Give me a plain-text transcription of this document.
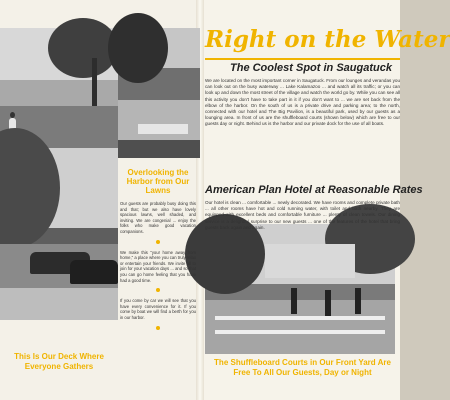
Overlooking the Harbor from Our Lawns

Our guests are probably busy doing this and that; but we also have lovely spacious lawns, well shaded, and inviting. We are congenial ... enjoy the folks who make good vacation companions.

We make this "your home away from home," a place where you can truly relax or entertain your friends. We invite all to join for your vacation days ... and so that you can go home feeling that you have had a good time.

If you come by car we will see that you have every convenience for it. If you come by boat we will find a berth for you in our harbor.

This Is Our Deck Where Everyone Gathers
Right on the Water
The Coolest Spot in Saugatuck
We are located on the most important corner in Saugatuck. From our lounges and verandas you can look out on the busy waterway ... Lake Kalamazoo ... and watch all its traffic; or you can look up and down the most street of the village and watch the world go by. While you can see all this activity you don't have to take part in it if you don't want to ... we are set back from the elbow of the harbor. On the south of us is a private drive and parking area; to the north, connected with our hotel and The Big Pavilion, is a beautiful park, used by our guests as a lounging area. In front of us are the shuffleboard courts (shown below) which are free to our guests day or night. Behind us is the harbor and our private dock for the use of all boats.
American Plan Hotel at Reasonable Rates
Our hotel is clean ... comfortable ... newly decorated. We have rooms and complete private bath ... all other rooms have hot and cold running water, with toilet and bath nearby. They are equipped with excellent beds and comfortable furniture ... plenty of clean towels. Our dining service is a delightful surprise to our new guests ... one of the features of the hotel that bring guests back again and again.
The Shuffleboard Courts in Our Front Yard Are Free To All Our Guests, Day or Night
